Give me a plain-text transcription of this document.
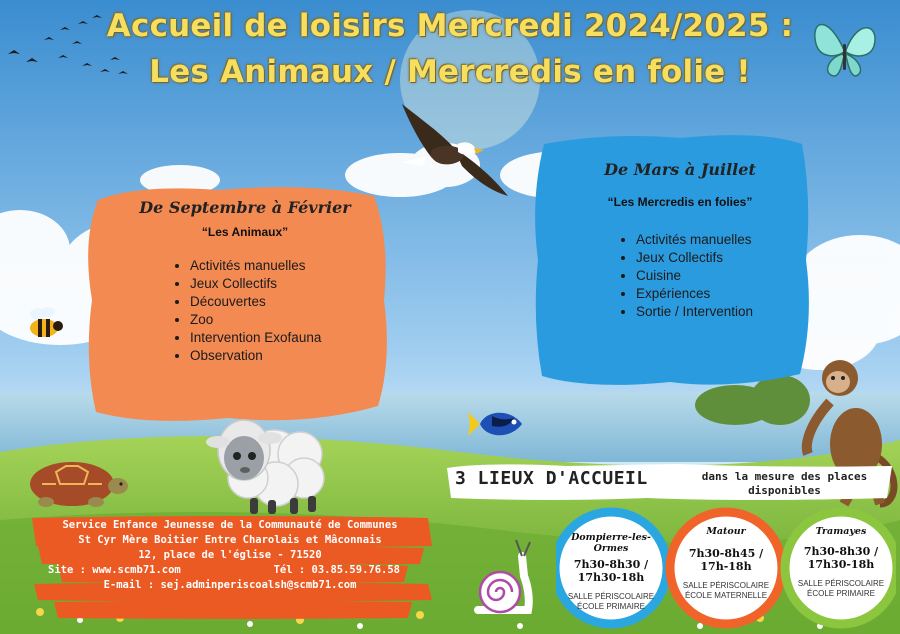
Accueil de loisirs Mercredi 2024/2025 :
Les Animaux / Mercredis en folie !
De Septembre à Février
“Les Animaux”
• Activités manuelles
• Jeux Collectifs
• Découvertes
• Zoo
• Intervention Exofauna
• Observation
De Mars à Juillet
“Les Mercredis en folies”
• Activités manuelles
• Jeux Collectifs
• Cuisine
• Expériences
• Sortie / Intervention
3 LIEUX D'ACCUEIL	dans la mesure des places disponibles
Service Enfance Jeunesse de la Communauté de Communes
St Cyr Mère Boitier Entre Charolais et Mâconnais
12, place de l'église - 71520
Site : www.scmb71.com	Tél : 03.85.59.76.58
E-mail : sej.adminperiscoalsh@scmb71.com
Dompierre-les-Ormes
7h30-8h30 /
17h30-18h
SALLE PÉRISCOLAIRE
ÉCOLE PRIMAIRE
Matour
7h30-8h45 /
17h-18h
SALLE PÉRISCOLAIRE
ÉCOLE MATERNELLE
Tramayes
7h30-8h30 /
17h30-18h
SALLE PÉRISCOLAIRE
ÉCOLE PRIMAIRE
